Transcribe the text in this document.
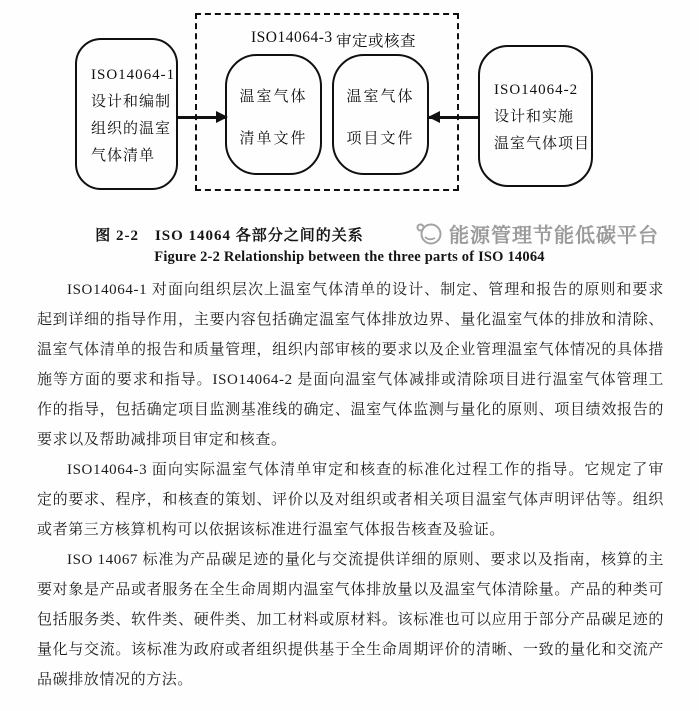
ISO14064-3 审定或核查
ISO14064-1
设计和编制
组织的温室
气体清单
温室气体
清单文件
温室气体
项目文件
ISO14064-2
设计和实施
温室气体项目
图 2-2　ISO 14064 各部分之间的关系	能源管理节能低碳平台
Figure 2-2 Relationship between the three parts of ISO 14064

ISO14064-1 对面向组织层次上温室气体清单的设计、制定、管理和报告的原则和要求起到详细的指导作用，主要内容包括确定温室气体排放边界、量化温室气体的排放和清除、温室气体清单的报告和质量管理，组织内部审核的要求以及企业管理温室气体情况的具体措施等方面的要求和指导。ISO14064-2 是面向温室气体减排或清除项目进行温室气体管理工作的指导，包括确定项目监测基准线的确定、温室气体监测与量化的原则、项目绩效报告的要求以及帮助减排项目审定和核查。

ISO14064-3 面向实际温室气体清单审定和核查的标准化过程工作的指导。它规定了审定的要求、程序，和核查的策划、评价以及对组织或者相关项目温室气体声明评估等。组织或者第三方核算机构可以依据该标准进行温室气体报告核查及验证。

ISO 14067 标准为产品碳足迹的量化与交流提供详细的原则、要求以及指南，核算的主要对象是产品或者服务在全生命周期内温室气体排放量以及温室气体清除量。产品的种类可包括服务类、软件类、硬件类、加工材料或原材料。该标准也可以应用于部分产品碳足迹的量化与交流。该标准为政府或者组织提供基于全生命周期评价的清晰、一致的量化和交流产品碳排放情况的方法。
